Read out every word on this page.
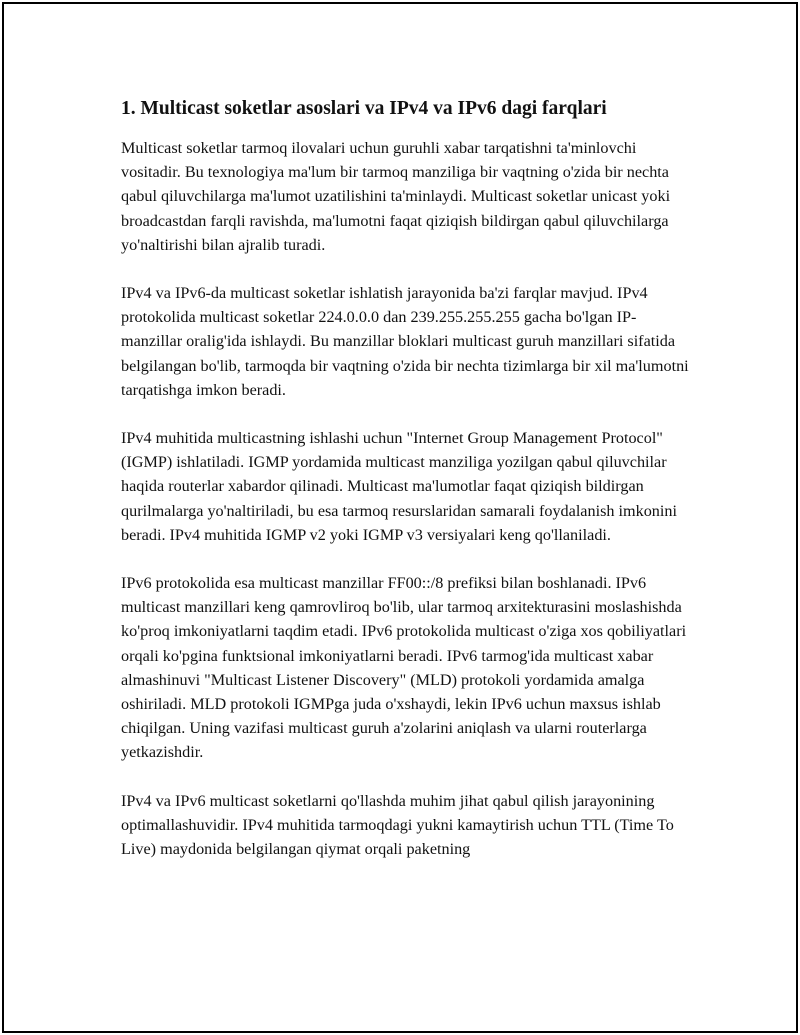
1. Multicast soketlar asoslari va IPv4 va IPv6 dagi farqlari

Multicast soketlar tarmoq ilovalari uchun guruhli xabar tarqatishni ta'minlovchi vositadir. Bu texnologiya ma'lum bir tarmoq manziliga bir vaqtning o'zida bir nechta qabul qiluvchilarga ma'lumot uzatilishini ta'minlaydi. Multicast soketlar unicast yoki broadcastdan farqli ravishda, ma'lumotni faqat qiziqish bildirgan qabul qiluvchilarga yo'naltirishi bilan ajralib turadi.

IPv4 va IPv6-da multicast soketlar ishlatish jarayonida ba'zi farqlar mavjud. IPv4 protokolida multicast soketlar 224.0.0.0 dan 239.255.255.255 gacha bo'lgan IP-manzillar oralig'ida ishlaydi. Bu manzillar bloklari multicast guruh manzillari sifatida belgilangan bo'lib, tarmoqda bir vaqtning o'zida bir nechta tizimlarga bir xil ma'lumotni tarqatishga imkon beradi.

IPv4 muhitida multicastning ishlashi uchun "Internet Group Management Protocol" (IGMP) ishlatiladi. IGMP yordamida multicast manziliga yozilgan qabul qiluvchilar haqida routerlar xabardor qilinadi. Multicast ma'lumotlar faqat qiziqish bildirgan qurilmalarga yo'naltiriladi, bu esa tarmoq resurslaridan samarali foydalanish imkonini beradi. IPv4 muhitida IGMP v2 yoki IGMP v3 versiyalari keng qo'llaniladi.

IPv6 protokolida esa multicast manzillar FF00::/8 prefiksi bilan boshlanadi. IPv6 multicast manzillari keng qamrovliroq bo'lib, ular tarmoq arxitekturasini moslashishda ko'proq imkoniyatlarni taqdim etadi. IPv6 protokolida multicast o'ziga xos qobiliyatlari orqali ko'pgina funktsional imkoniyatlarni beradi. IPv6 tarmog'ida multicast xabar almashinuvi "Multicast Listener Discovery" (MLD) protokoli yordamida amalga oshiriladi. MLD protokoli IGMPga juda o'xshaydi, lekin IPv6 uchun maxsus ishlab chiqilgan. Uning vazifasi multicast guruh a'zolarini aniqlash va ularni routerlarga yetkazishdir.

IPv4 va IPv6 multicast soketlarni qo'llashda muhim jihat qabul qilish jarayonining optimallashuvidir. IPv4 muhitida tarmoqdagi yukni kamaytirish uchun TTL (Time To Live) maydonida belgilangan qiymat orqali paketning
